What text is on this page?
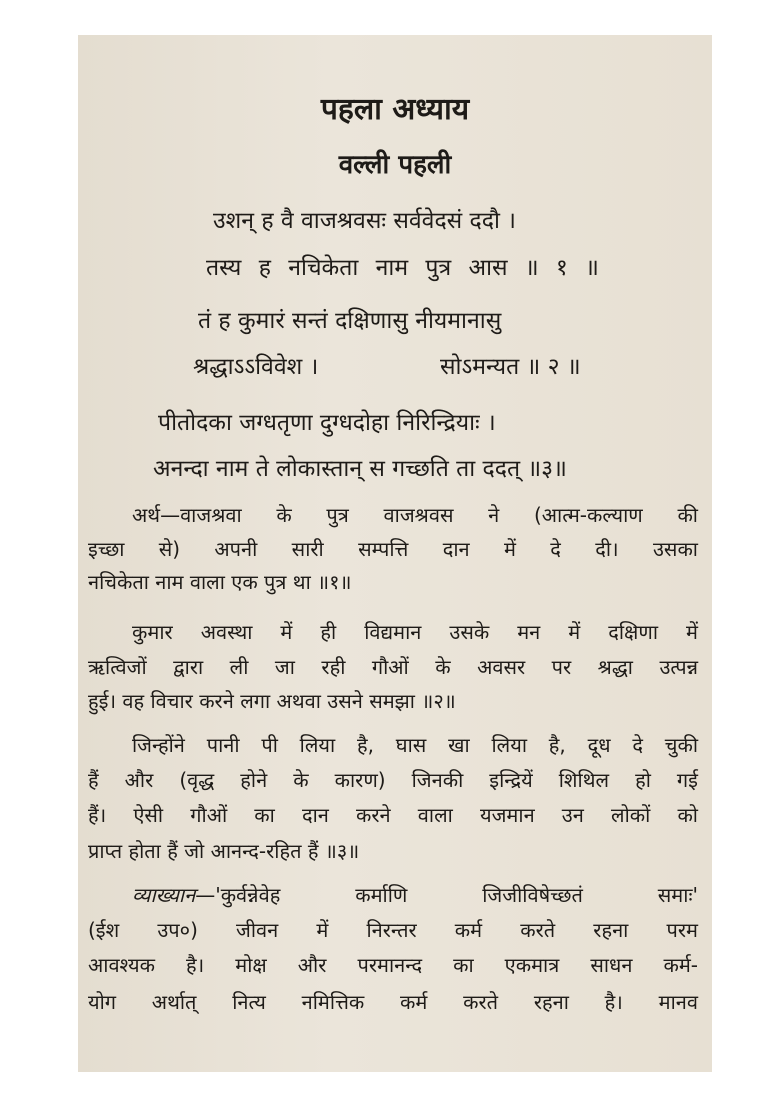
पहला अध्याय
वल्ली पहली
उशन् ह वै वाजश्रवसः सर्ववेदसं ददौ ।
तस्य ह नचिकेता नाम पुत्र आस ॥ १ ॥
तं ह कुमारं सन्तं दक्षिणासु नीयमानासु
श्रद्धाऽऽविवेश ।	सोऽमन्यत ॥ २ ॥
पीतोदका जग्धतृणा दुग्धदोहा निरिन्द्रियाः ।
अनन्दा नाम ते लोकास्तान् स गच्छति ता ददत् ॥३॥
अर्थ—वाजश्रवा के पुत्र वाजश्रवस ने (आत्म-कल्याण की
इच्छा से) अपनी सारी सम्पत्ति दान में दे दी। उसका
नचिकेता नाम वाला एक पुत्र था ॥१॥
कुमार अवस्था में ही विद्यमान उसके मन में दक्षिणा में
ऋत्विजों द्वारा ली जा रही गौओं के अवसर पर श्रद्धा उत्पन्न
हुई। वह विचार करने लगा अथवा उसने समझा ॥२॥
जिन्होंने पानी पी लिया है, घास खा लिया है, दूध दे चुकी
हैं और (वृद्ध होने के कारण) जिनकी इन्द्रियें शिथिल हो गई
हैं। ऐसी गौओं का दान करने वाला यजमान उन लोकों को
प्राप्त होता हैं जो आनन्द-रहित हैं ॥३॥
व्याख्यान—'कुर्वन्नेवेह कर्माणि जिजीविषेच्छतं समाः'
(ईश उप०) जीवन में निरन्तर कर्म करते रहना परम
आवश्यक है। मोक्ष और परमानन्द का एकमात्र साधन कर्म-
योग अर्थात् नित्य नमित्तिक कर्म करते रहना है। मानव
